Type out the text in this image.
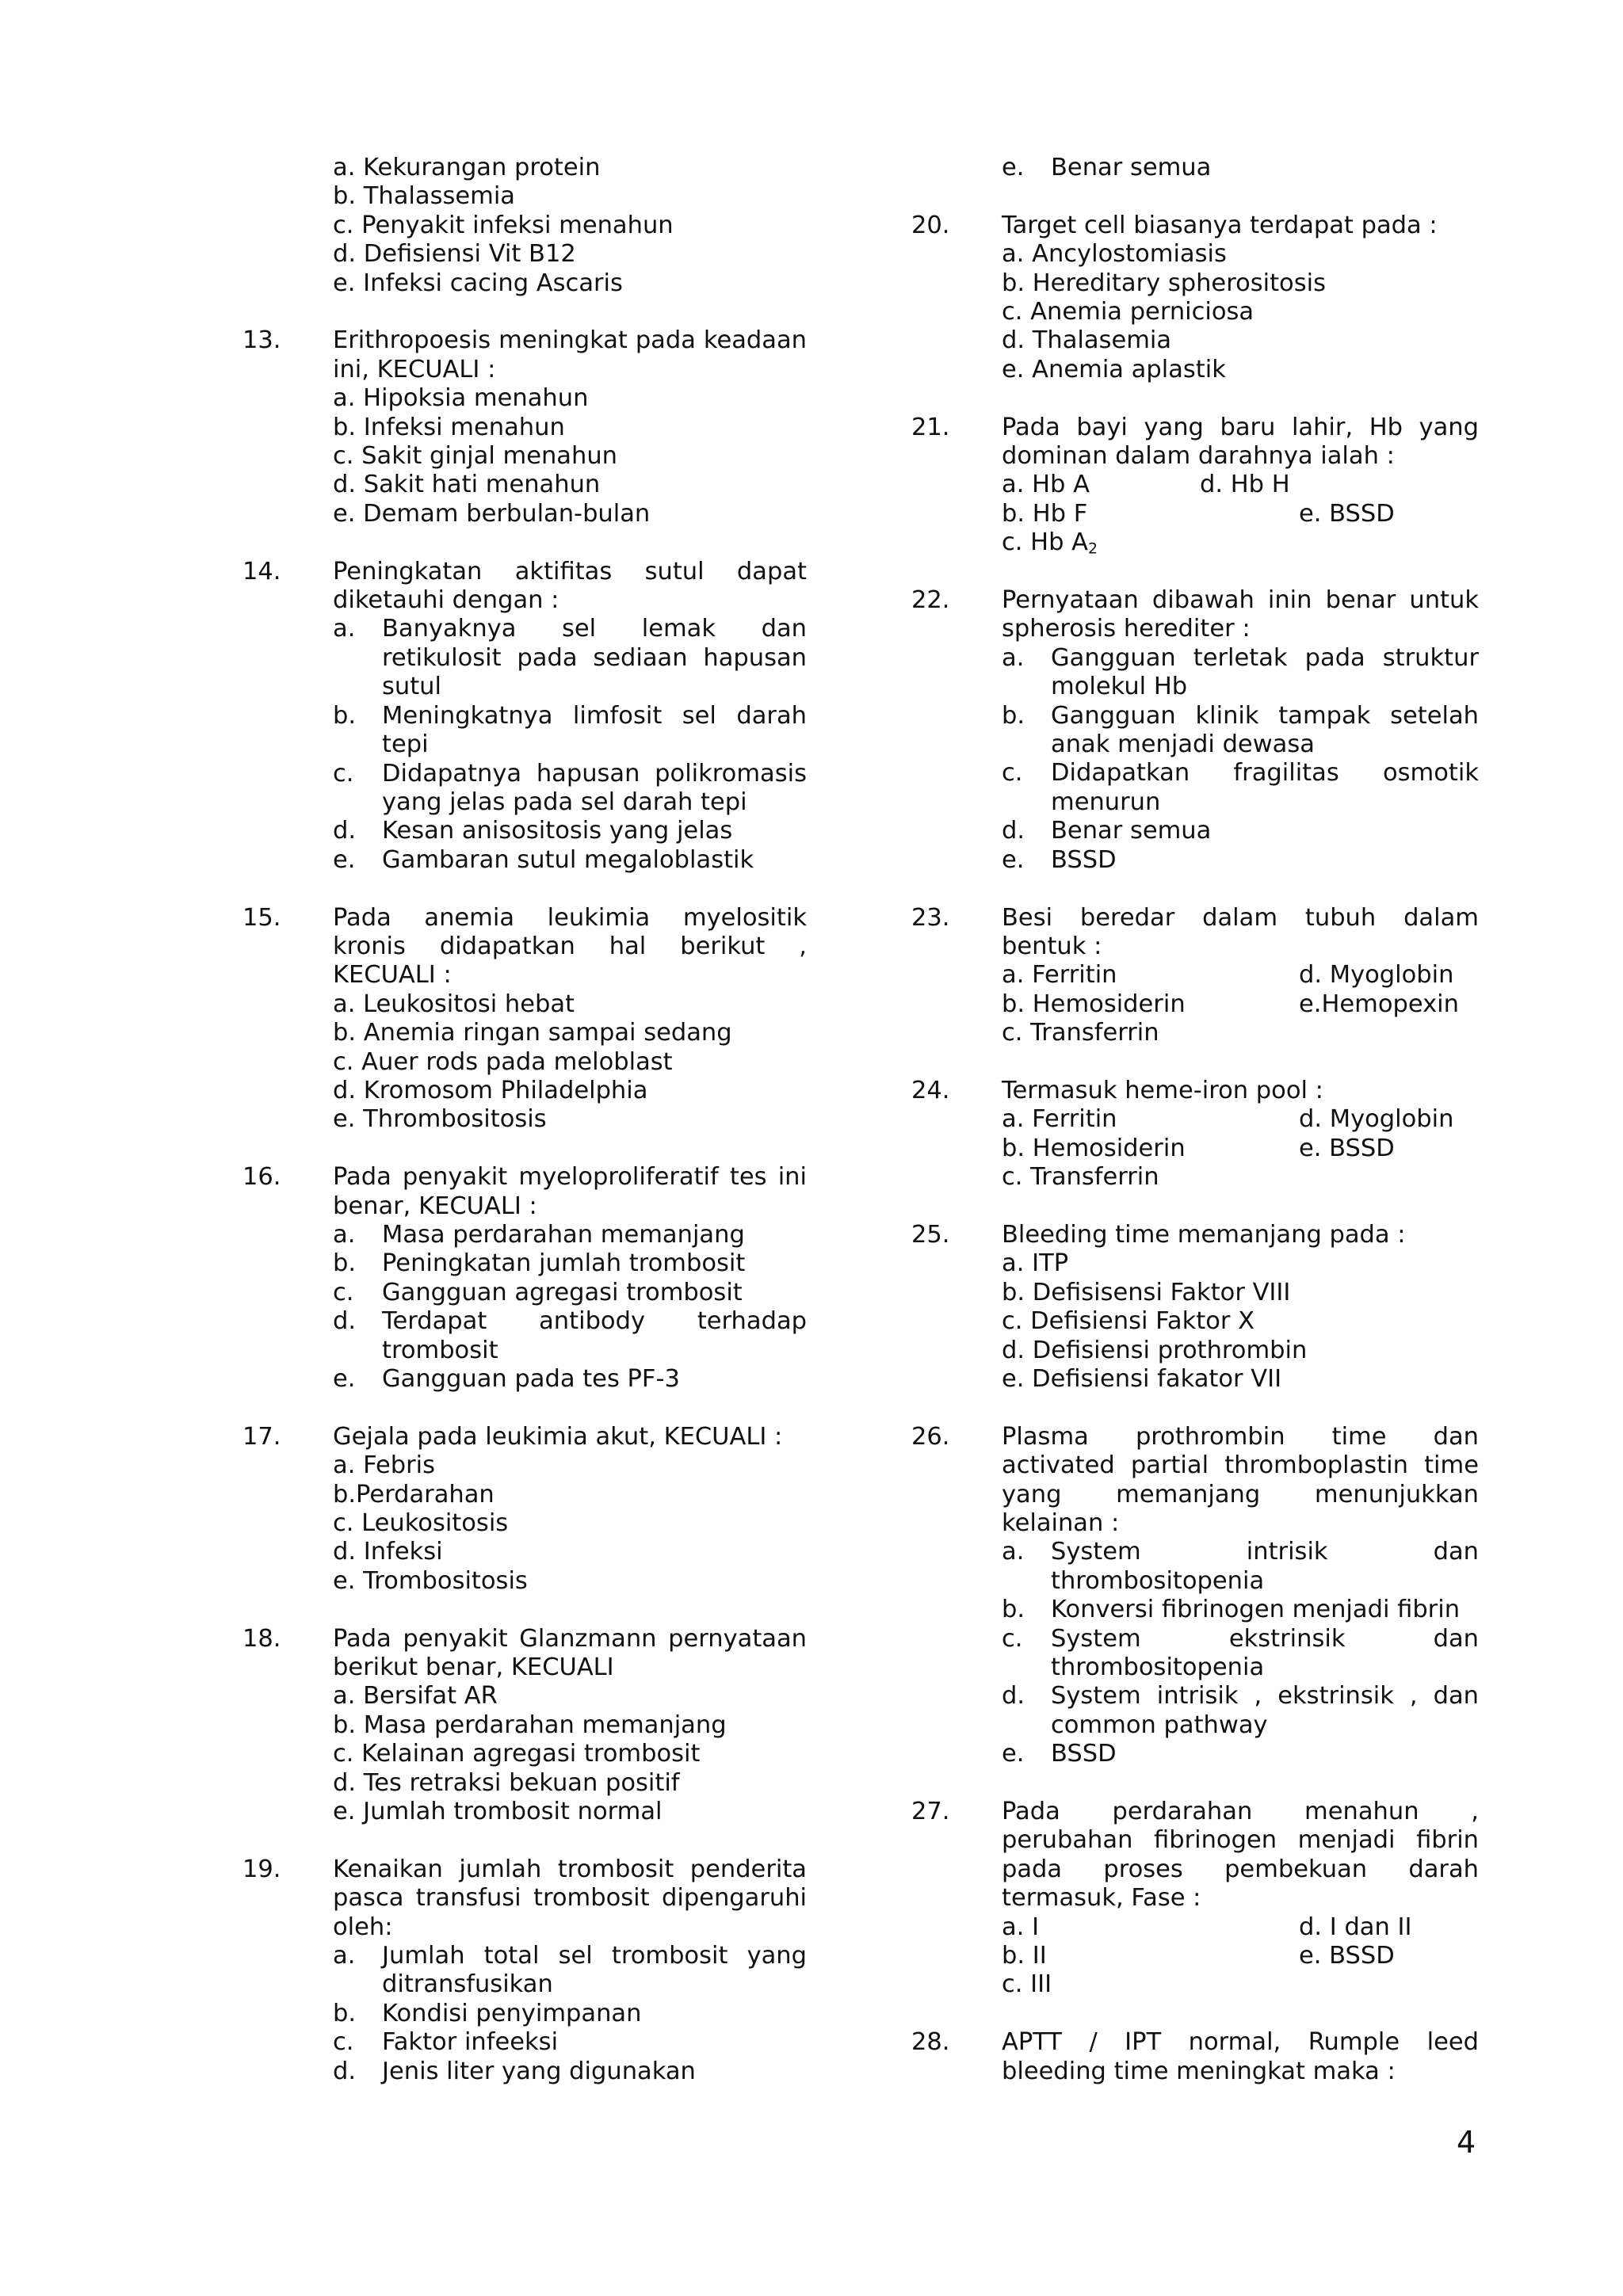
a. Kekurangan protein
b. Thalassemia
c. Penyakit infeksi menahun
d. Defisiensi Vit B12
e. Infeksi cacing Ascaris
13. Erithropoesis meningkat pada keadaan ini, KECUALI :
a. Hipoksia menahun
b. Infeksi menahun
c. Sakit ginjal menahun
d. Sakit hati menahun
e. Demam berbulan-bulan
14. Peningkatan aktifitas sutul dapat diketauhi dengan :
a. Banyaknya sel lemak dan retikulosit pada sediaan hapusan sutul
b. Meningkatnya limfosit sel darah tepi
c. Didapatnya hapusan polikromasis yang jelas pada sel darah tepi
d. Kesan anisositosis yang jelas
e. Gambaran sutul megaloblastik
15. Pada anemia leukimia myelositik kronis didapatkan hal berikut , KECUALI :
a. Leukositosi hebat
b. Anemia ringan sampai sedang
c. Auer rods pada meloblast
d. Kromosom Philadelphia
e. Thrombositosis
16. Pada penyakit myeloproliferatif tes ini benar, KECUALI :
a. Masa perdarahan memanjang
b. Peningkatan jumlah trombosit
c. Gangguan agregasi trombosit
d. Terdapat antibody terhadap trombosit
e. Gangguan pada tes PF-3
17. Gejala pada leukimia akut, KECUALI :
a. Febris
b.Perdarahan
c. Leukositosis
d. Infeksi
e. Trombositosis
18. Pada penyakit Glanzmann pernyataan berikut benar, KECUALI
a. Bersifat AR
b. Masa perdarahan memanjang
c. Kelainan agregasi trombosit
d. Tes retraksi bekuan positif
e. Jumlah trombosit normal
19. Kenaikan jumlah trombosit penderita pasca transfusi trombosit dipengaruhi oleh:
a. Jumlah total sel trombosit yang ditransfusikan
b. Kondisi penyimpanan
c. Faktor infeeksi
d. Jenis liter yang digunakan
e. Benar semua
20. Target cell biasanya terdapat pada :
a. Ancylostomiasis
b. Hereditary spherositosis
c. Anemia perniciosa
d. Thalasemia
e. Anemia aplastik
21. Pada bayi yang baru lahir, Hb yang dominan dalam darahnya ialah :
a. Hb A	d. Hb H
b. Hb F	e. BSSD
c. Hb $A_2$
22. Pernyataan dibawah inin benar untuk spherosis herediter :
a. Gangguan terletak pada struktur molekul Hb
b. Gangguan klinik tampak setelah anak menjadi dewasa
c. Didapatkan fragilitas osmotik menurun
d. Benar semua
e. BSSD
23. Besi beredar dalam tubuh dalam bentuk :
a. Ferritin	d. Myoglobin
b. Hemosiderin	e.Hemopexin
c. Transferrin
24. Termasuk heme-iron pool :
a. Ferritin	d. Myoglobin
b. Hemosiderin	e. BSSD
c. Transferrin
25. Bleeding time memanjang pada :
a. ITP
b. Defisisensi Faktor VIII
c. Defisiensi Faktor X
d. Defisiensi prothrombin
e. Defisiensi fakator VII
26. Plasma prothrombin time dan activated partial thromboplastin time yang memanjang menunjukkan kelainan :
a. System intrisik dan thrombositopenia
b. Konversi fibrinogen menjadi fibrin
c. System ekstrinsik dan thrombositopenia
d. System intrisik , ekstrinsik , dan common pathway
e. BSSD
27. Pada perdarahan menahun , perubahan fibrinogen menjadi fibrin pada proses pembekuan darah termasuk, Fase :
a. I	d. I dan II
b. II	e. BSSD
c. III
28. APTT / IPT normal, Rumple leed bleeding time meningkat maka :
4
